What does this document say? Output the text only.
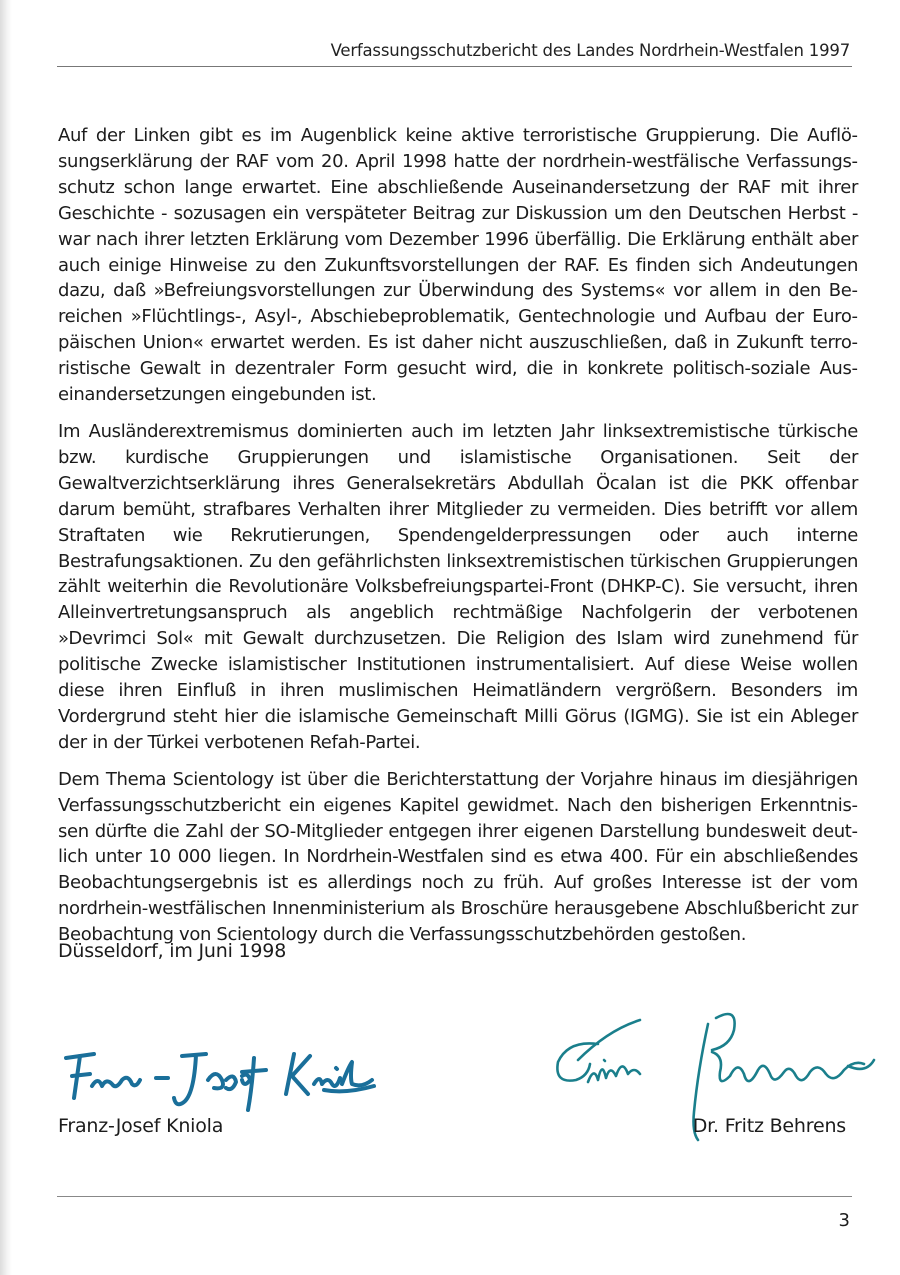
Verfassungsschutzbericht des Landes Nordrhein-Westfalen 1997

Auf der Linken gibt es im Augenblick keine aktive terroristische Gruppierung. Die Auflösungserklärung der RAF vom 20. April 1998 hatte der nordrhein-westfälische Verfassungsschutz schon lange erwartet. Eine abschließende Auseinandersetzung der RAF mit ihrer Geschichte - sozusagen ein verspäteter Beitrag zur Diskussion um den Deutschen Herbst - war nach ihrer letzten Erklärung vom Dezember 1996 überfällig. Die Erklärung enthält aber auch einige Hinweise zu den Zukunftsvorstellungen der RAF. Es finden sich Andeutungen dazu, daß »Befreiungsvorstellungen zur Überwindung des Systems« vor allem in den Bereichen »Flüchtlings-, Asyl-, Abschiebeproblematik, Gentechnologie und Aufbau der Europäischen Union« erwartet werden. Es ist daher nicht auszuschließen, daß in Zukunft terroristische Gewalt in dezentraler Form gesucht wird, die in konkrete politisch-soziale Auseinandersetzungen eingebunden ist.

Im Ausländerextremismus dominierten auch im letzten Jahr linksextremistische türkische bzw. kurdische Gruppierungen und islamistische Organisationen. Seit der Gewaltverzichtserklärung ihres Generalsekretärs Abdullah Öcalan ist die PKK offenbar darum bemüht, strafbares Verhalten ihrer Mitglieder zu vermeiden. Dies betrifft vor allem Straftaten wie Rekrutierungen, Spendengelderpressungen oder auch interne Bestrafungsaktionen. Zu den gefährlichsten linksextremistischen türkischen Gruppierungen zählt weiterhin die Revolutionäre Volksbefreiungspartei-Front (DHKP-C). Sie versucht, ihren Alleinvertretungsanspruch als angeblich rechtmäßige Nachfolgerin der verbotenen »Devrimci Sol« mit Gewalt durchzusetzen. Die Religion des Islam wird zunehmend für politische Zwecke islamistischer Institutionen instrumentalisiert. Auf diese Weise wollen diese ihren Einfluß in ihren muslimischen Heimatländern vergrößern. Besonders im Vordergrund steht hier die islamische Gemeinschaft Milli Görus (IGMG). Sie ist ein Ableger der in der Türkei verbotenen Refah-Partei.

Dem Thema Scientology ist über die Berichterstattung der Vorjahre hinaus im diesjährigen Verfassungsschutzbericht ein eigenes Kapitel gewidmet. Nach den bisherigen Erkenntnissen dürfte die Zahl der SO-Mitglieder entgegen ihrer eigenen Darstellung bundesweit deutlich unter 10 000 liegen. In Nordrhein-Westfalen sind es etwa 400. Für ein abschließendes Beobachtungsergebnis ist es allerdings noch zu früh. Auf großes Interesse ist der vom nordrhein-westfälischen Innenministerium als Broschüre herausgebene Abschlußbericht zur Beobachtung von Scientology durch die Verfassungsschutzbehörden gestoßen.

Düsseldorf, im Juni 1998
Franz-Josef Kniola	Dr. Fritz Behrens
3
